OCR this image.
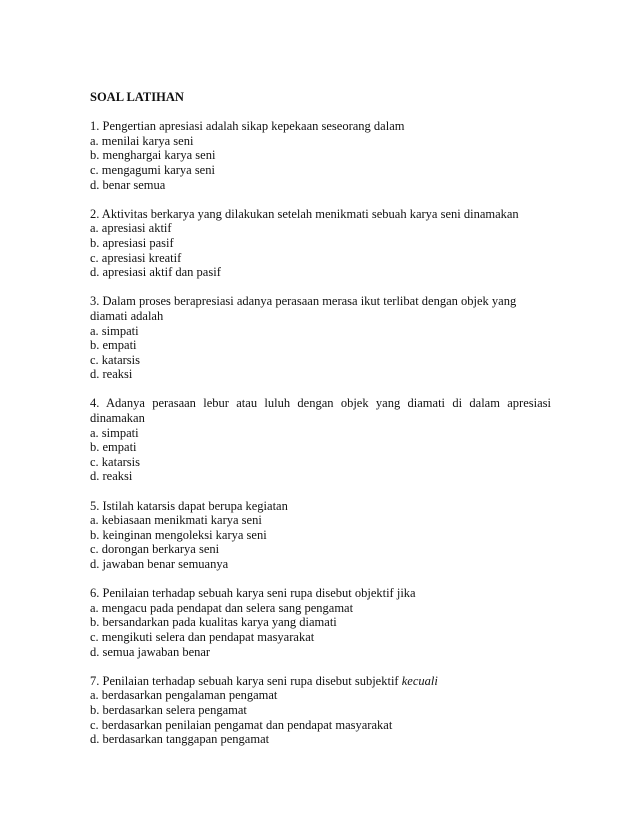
SOAL LATIHAN

1. Pengertian apresiasi adalah sikap kepekaan seseorang dalam

a. menilai karya seni

b. menghargai karya seni

c. mengagumi karya seni

d. benar semua

2. Aktivitas berkarya yang dilakukan setelah menikmati sebuah karya seni dinamakan

a. apresiasi aktif

b. apresiasi pasif

c. apresiasi kreatif

d. apresiasi aktif dan pasif

3. Dalam proses berapresiasi adanya perasaan merasa ikut terlibat dengan objek yang diamati adalah

a. simpati

b. empati

c. katarsis

d. reaksi

4. Adanya perasaan lebur atau luluh dengan objek yang diamati di dalam apresiasi dinamakan

a. simpati

b. empati

c. katarsis

d. reaksi

5. Istilah katarsis dapat berupa kegiatan

a. kebiasaan menikmati karya seni

b. keinginan mengoleksi karya seni

c. dorongan berkarya seni

d. jawaban benar semuanya

6. Penilaian terhadap sebuah karya seni rupa disebut objektif jika

a. mengacu pada pendapat dan selera sang pengamat

b. bersandarkan pada kualitas karya yang diamati

c. mengikuti selera dan pendapat masyarakat

d. semua jawaban benar

7. Penilaian terhadap sebuah karya seni rupa disebut subjektif kecuali

a. berdasarkan pengalaman pengamat

b. berdasarkan selera pengamat

c. berdasarkan penilaian pengamat dan pendapat masyarakat

d. berdasarkan tanggapan pengamat
